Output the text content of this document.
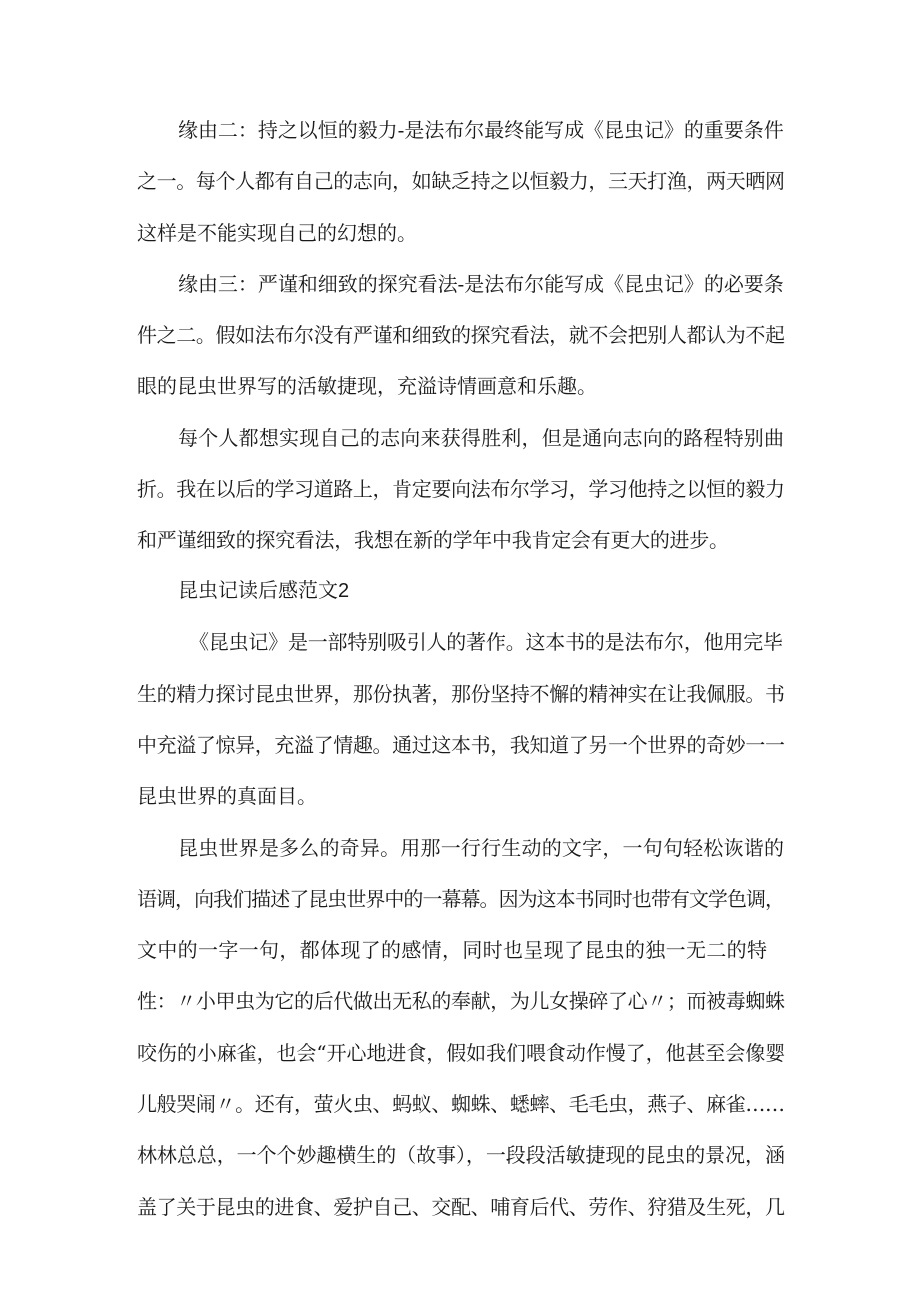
缘由二：持之以恒的毅力-是法布尔最终能写成《昆虫记》的重要条件

之一。每个人都有自己的志向，如缺乏持之以恒毅力，三天打渔，两天晒网

这样是不能实现自己的幻想的。

缘由三：严谨和细致的探究看法-是法布尔能写成《昆虫记》的必要条

件之二。假如法布尔没有严谨和细致的探究看法，就不会把别人都认为不起

眼的昆虫世界写的活敏捷现，充溢诗情画意和乐趣。

每个人都想实现自己的志向来获得胜利，但是通向志向的路程特别曲

折。我在以后的学习道路上，肯定要向法布尔学习，学习他持之以恒的毅力

和严谨细致的探究看法，我想在新的学年中我肯定会有更大的进步。

昆虫记读后感范文2

《昆虫记》是一部特别吸引人的著作。这本书的是法布尔，他用完毕

生的精力探讨昆虫世界，那份执著，那份坚持不懈的精神实在让我佩服。书

中充溢了惊异，充溢了情趣。通过这本书，我知道了另一个世界的奇妙一一

昆虫世界的真面目。

昆虫世界是多么的奇异。用那一行行生动的文字，一句句轻松诙谐的

语调，向我们描述了昆虫世界中的一幕幕。因为这本书同时也带有文学色调，

文中的一字一句，都体现了的感情，同时也呈现了昆虫的独一无二的特

性：〃小甲虫为它的后代做出无私的奉献，为儿女操碎了心〃；而被毒蜘蛛

咬伤的小麻雀，也会“开心地进食，假如我们喂食动作慢了，他甚至会像婴

儿般哭闹〃。还有，萤火虫、蚂蚁、蜘蛛、蟋蟀、毛毛虫，燕子、麻雀……

林林总总，一个个妙趣横生的（故事），一段段活敏捷现的昆虫的景况，涵

盖了关于昆虫的进食、爱护自己、交配、哺育后代、劳作、狩猎及生死，几
